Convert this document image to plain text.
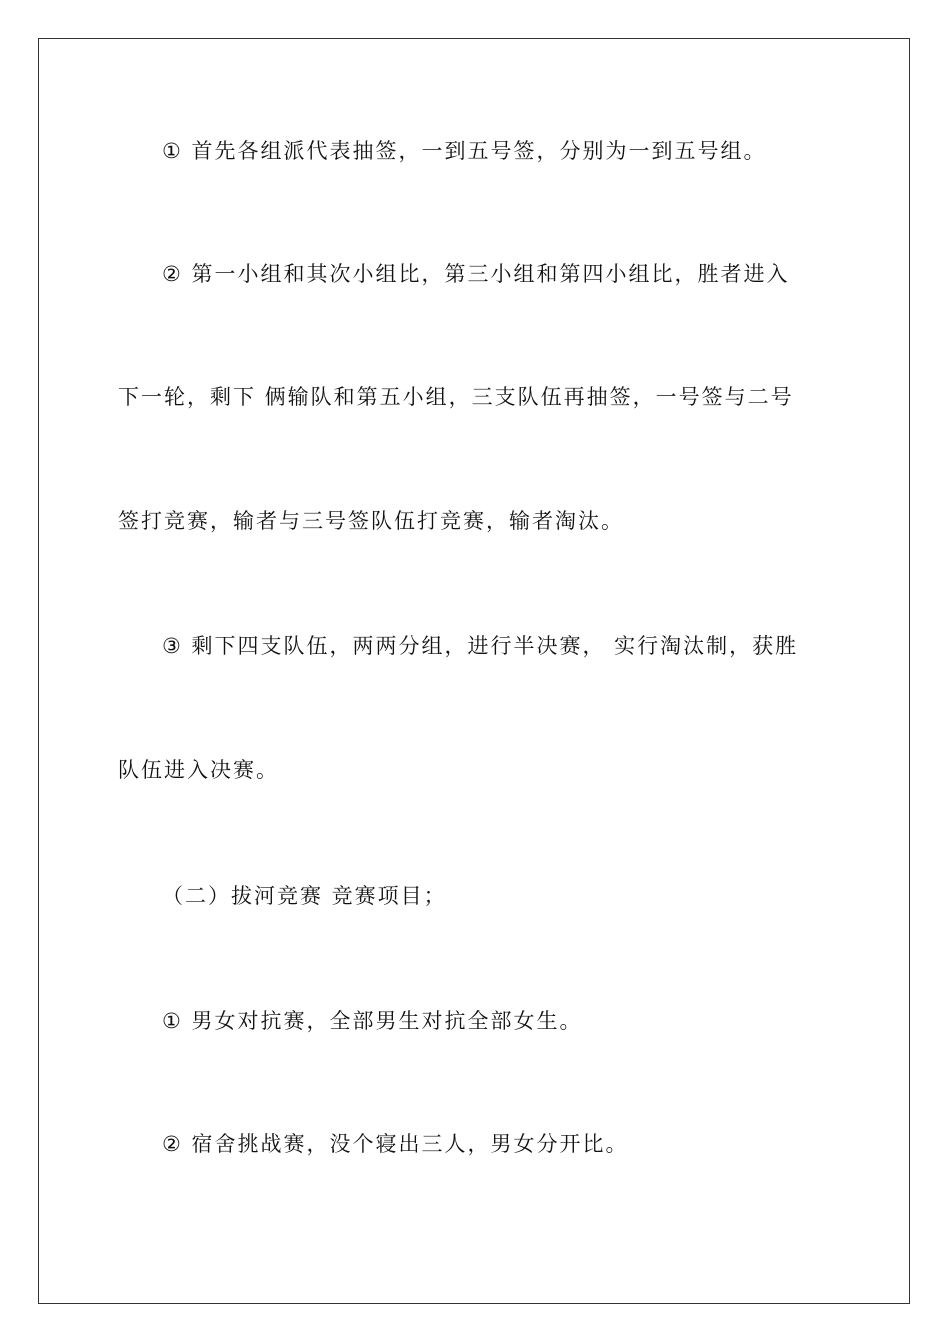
① 首先各组派代表抽签，一到五号签，分别为一到五号组。
② 第一小组和其次小组比，第三小组和第四小组比，胜者进入
下一轮，剩下 俩输队和第五小组，三支队伍再抽签，一号签与二号
签打竞赛，输者与三号签队伍打竞赛，输者淘汰。
③ 剩下四支队伍，两两分组，进行半决赛， 实行淘汰制，获胜
队伍进入决赛。
（二）拔河竞赛 竞赛项目；
① 男女对抗赛，全部男生对抗全部女生。
② 宿舍挑战赛，没个寝出三人，男女分开比。
